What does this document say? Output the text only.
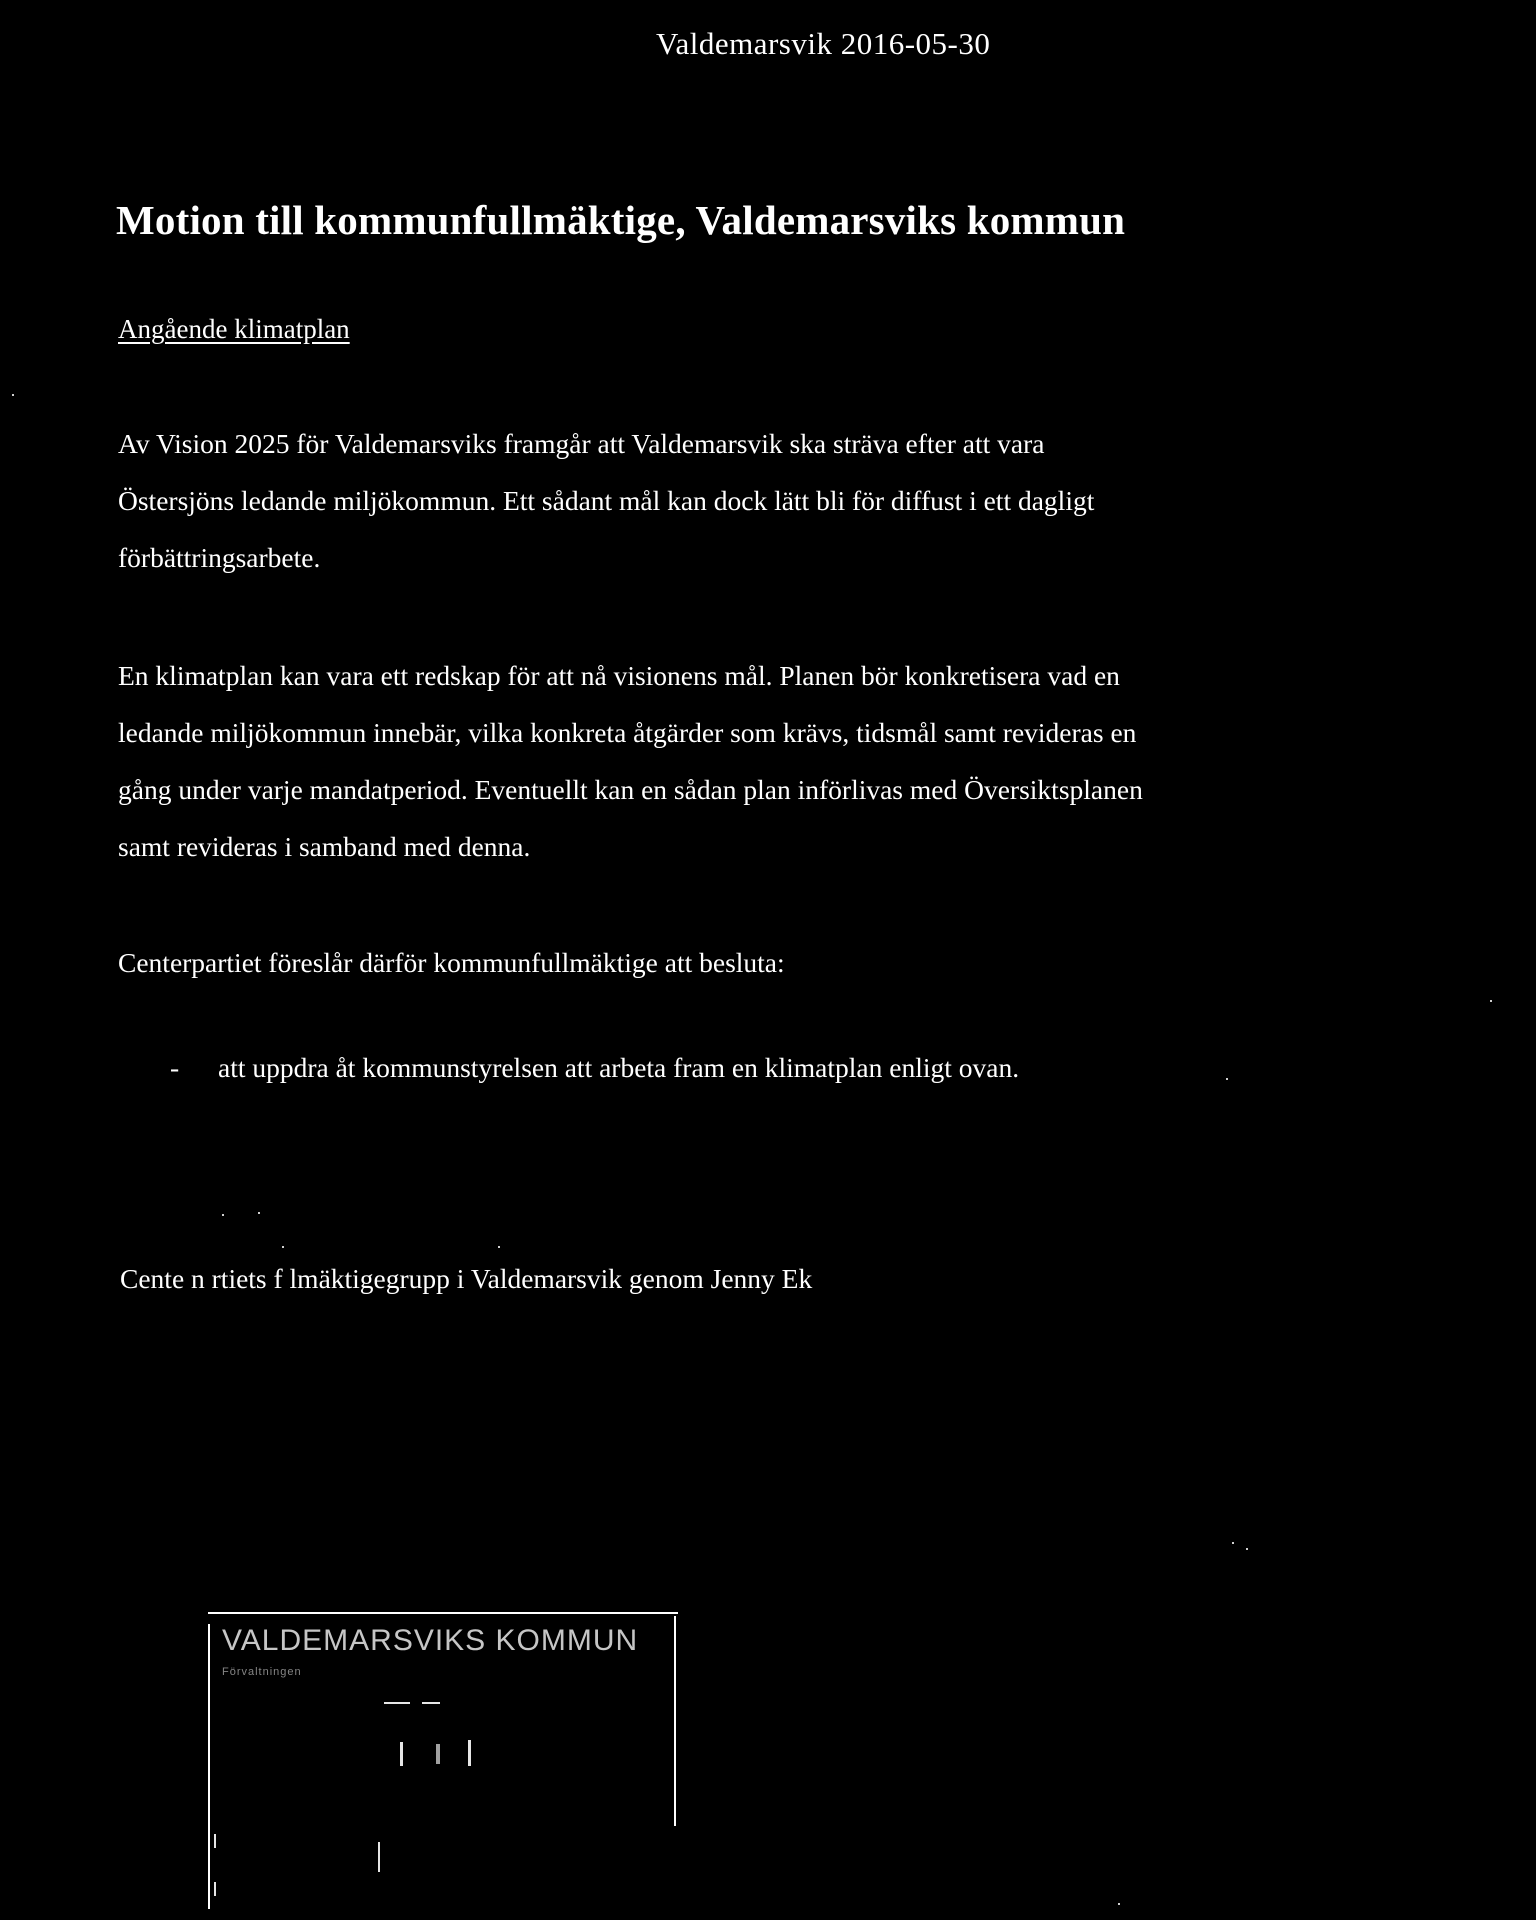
Valdemarsvik 2016-05-30
Motion till kommunfullmäktige, Valdemarsviks kommun
Angående klimatplan

Av Vision 2025 för Valdemarsviks framgår att Valdemarsvik ska sträva efter att vara
Östersjöns ledande miljökommun. Ett sådant mål kan dock lätt bli för diffust i ett dagligt
förbättringsarbete.

En klimatplan kan vara ett redskap för att nå visionens mål. Planen bör konkretisera vad en
ledande miljökommun innebär, vilka konkreta åtgärder som krävs, tidsmål samt revideras en
gång under varje mandatperiod. Eventuellt kan en sådan plan införlivas med Översiktsplanen
samt revideras i samband med denna.

Centerpartiet föreslår därför kommunfullmäktige att besluta:

- att uppdra åt kommunstyrelsen att arbeta fram en klimatplan enligt ovan.
Cente n rtiets f lmäktigegrupp i Valdemarsvik genom Jenny Ek
VALDEMARSVIKS KOMMUN
Förvaltningen
